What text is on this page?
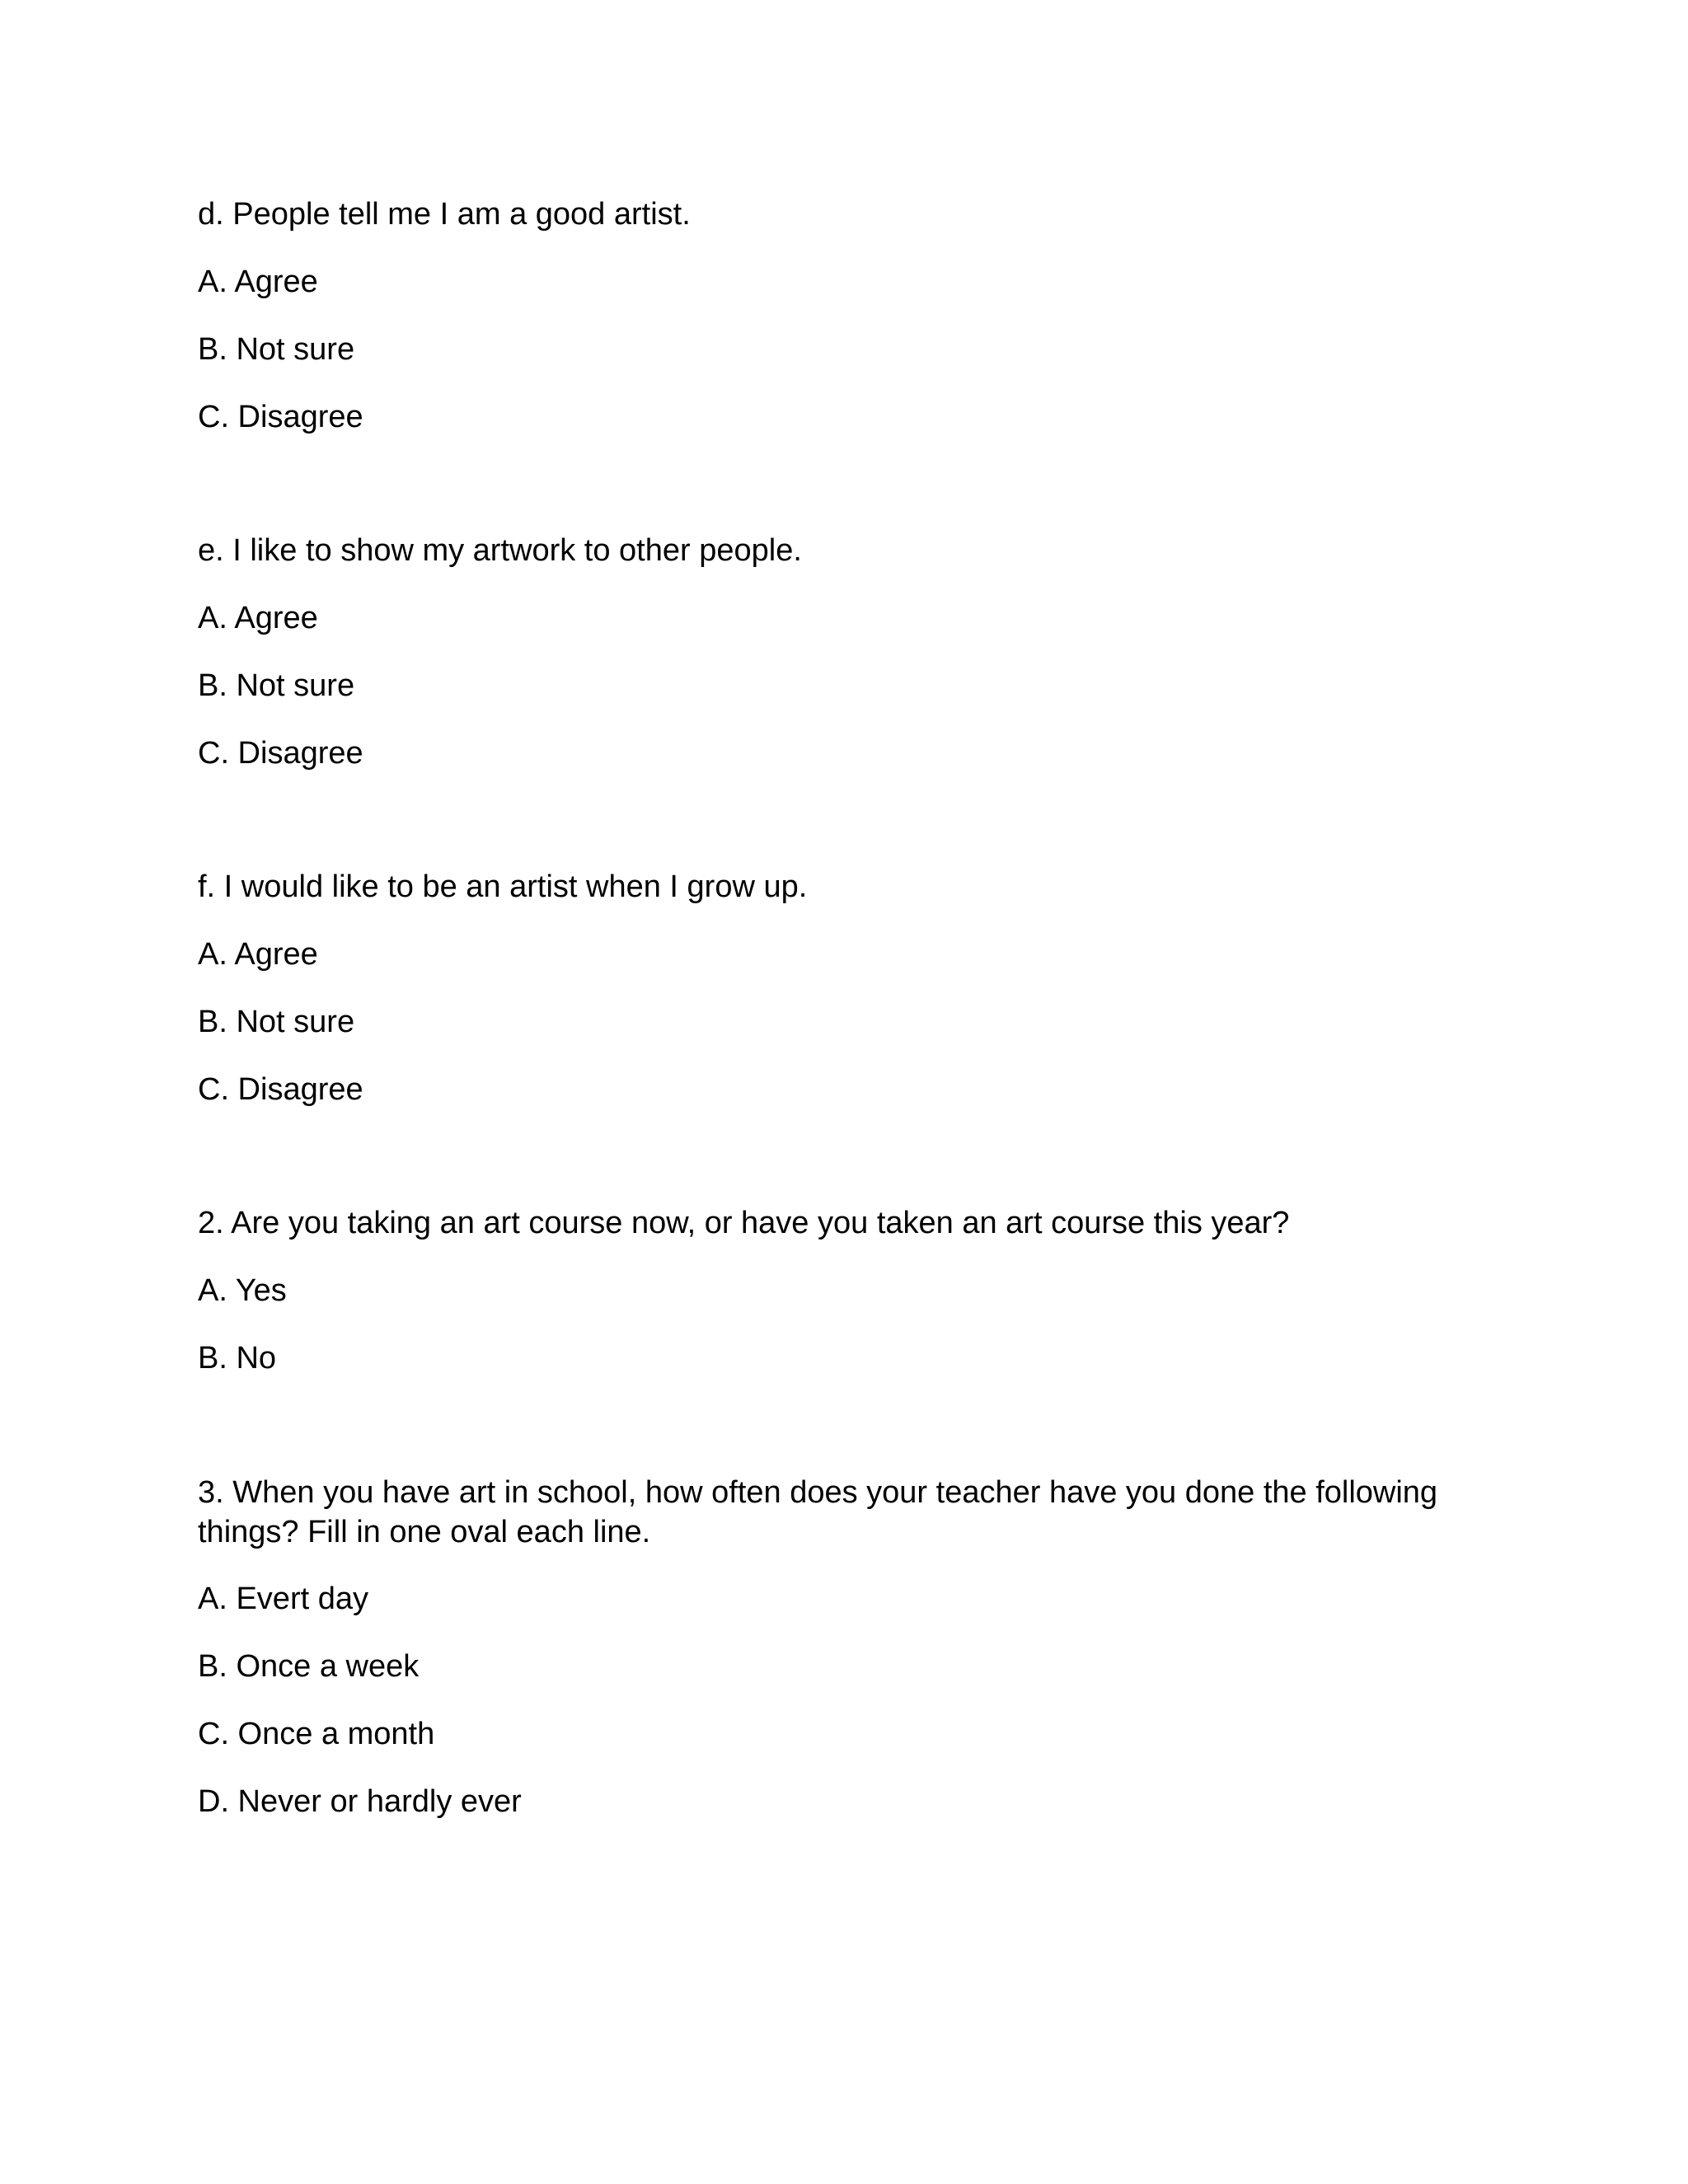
d. People tell me I am a good artist.

A. Agree

B. Not sure

C. Disagree

e. I like to show my artwork to other people.

A. Agree

B. Not sure

C. Disagree

f. I would like to be an artist when I grow up.

A. Agree

B. Not sure

C. Disagree

2. Are you taking an art course now, or have you taken an art course this year?

A. Yes

B. No

3. When you have art in school, how often does your teacher have you done the following things? Fill in one oval each line.

A. Evert day

B. Once a week

C. Once a month

D. Never or hardly ever
